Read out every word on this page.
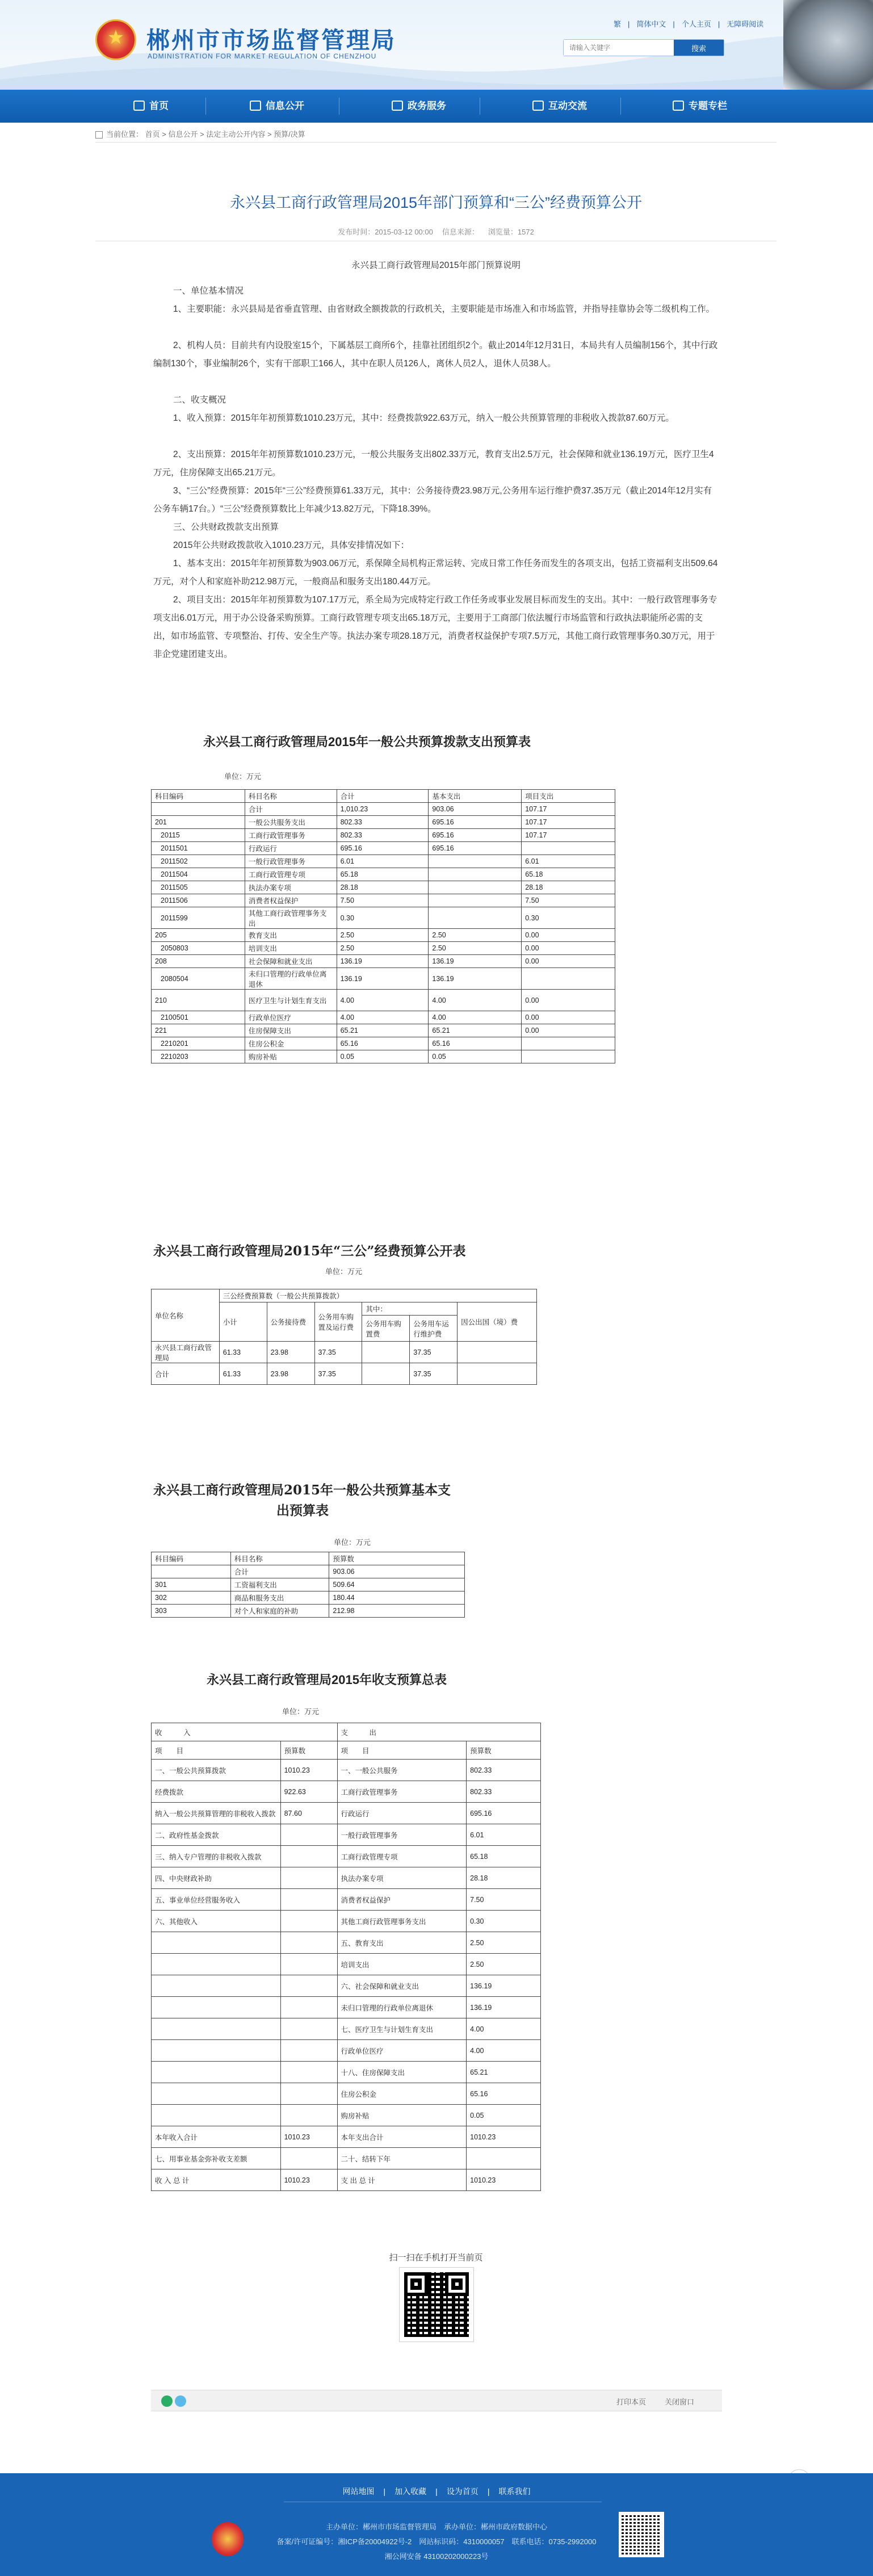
★
郴州市市场监督管理局
ADMINISTRATION FOR MARKET REGULATION OF CHENZHOU
繁 | 简体中文 | 个人主页 | 无障碍阅读
请输入关键字
搜索
首页	信息公开	政务服务	互动交流	专题专栏
当前位置： 首页 > 信息公开 > 法定主动公开内容 > 预算/决算
永兴县工商行政管理局2015年部门预算和“三公”经费预算公开
发布时间：2015-03-12 00:00 信息来源： 浏览量：1572
永兴县工商行政管理局2015年部门预算说明
一、单位基本情况
1、主要职能：永兴县局是省垂直管理、由省财政全额拨款的行政机关，主要职能是市场准入和市场监管，并指导挂靠协会等二级机构工作。
2、机构人员：目前共有内设股室15个，下属基层工商所6个，挂靠社团组织2个。截止2014年12月31日，本局共有人员编制156个，其中行政编制130个，事业编制26个，实有干部职工166人，其中在职人员126人，离休人员2人，退休人员38人。
二、收支概况
1、收入预算：2015年年初预算数1010.23万元，其中：经费拨款922.63万元，纳入一般公共预算管理的非税收入拨款87.60万元。
2、支出预算：2015年年初预算数1010.23万元，一般公共服务支出802.33万元，教育支出2.5万元，社会保障和就业136.19万元，医疗卫生4万元，住房保障支出65.21万元。
3、“三公”经费预算：2015年“三公”经费预算61.33万元，其中：公务接待费23.98万元,公务用车运行维护费37.35万元（截止2014年12月实有公务车辆17台。）“三公”经费预算数比上年减少13.82万元，下降18.39%。
三、公共财政拨款支出预算
2015年公共财政拨款收入1010.23万元，具体安排情况如下：
1、基本支出：2015年年初预算数为903.06万元，系保障全局机构正常运转、完成日常工作任务而发生的各项支出，包括工资福利支出509.64万元，对个人和家庭补助212.98万元，一般商品和服务支出180.44万元。
2、项目支出：2015年年初预算数为107.17万元，系全局为完成特定行政工作任务或事业发展目标而发生的支出。其中：一般行政管理事务专项支出6.01万元，用于办公设备采购预算。工商行政管理专项支出65.18万元，主要用于工商部门依法履行市场监管和行政执法职能所必需的支出，如市场监管、专项整治、打传、安全生产等。执法办案专项28.18万元，消费者权益保护专项7.5万元，其他工商行政管理事务0.30万元，用于非企党建团建支出。
永兴县工商行政管理局2015年一般公共预算拨款支出预算表
单位：万元
科目编码	科目名称	合计	基本支出	项目支出
	合计	1,010.23	903.06	107.17
201	一般公共服务支出	802.33	695.16	107.17
20115	工商行政管理事务	802.33	695.16	107.17
2011501	行政运行	695.16	695.16	
2011502	一般行政管理事务	6.01		6.01
2011504	工商行政管理专项	65.18		65.18
2011505	执法办案专项	28.18		28.18
2011506	消费者权益保护	7.50		7.50
2011599	其他工商行政管理事务支出	0.30		0.30
205	教育支出	2.50	2.50	0.00
2050803	培训支出	2.50	2.50	0.00
208	社会保障和就业支出	136.19	136.19	0.00
2080504	未归口管理的行政单位离退休	136.19	136.19	
210	医疗卫生与计划生育支出	4.00	4.00	0.00
2100501	行政单位医疗	4.00	4.00	0.00
221	住房保障支出	65.21	65.21	0.00
2210201	住房公积金	65.16	65.16	
2210203	购房补贴	0.05	0.05	
永兴县工商行政管理局2015年“三公”经费预算公开表
单位：万元
单位名称	三公经费预算数（一般公共预算拨款）					
	小计	公务接待费	公务用车购置及运行费	其中：		因公出国（境）费
				公务用车购置费	公务用车运行维护费	
永兴县工商行政管理局	61.33	23.98	37.35		37.35	
合计	61.33	23.98	37.35		37.35	
永兴县工商行政管理局2015年一般公共预算基本支
出预算表
单位：万元
科目编码	科目名称	预算数
	合计	903.06
301	工资福利支出	509.64
302	商品和服务支出	180.44
303	对个人和家庭的补助	212.98
永兴县工商行政管理局2015年收支预算总表
单位：万元
收　　　入		支　　　出	
项　　目	预算数	项　　目	预算数
一、一般公共预算拨款	1010.23	一、一般公共服务	802.33
经费拨款	922.63	工商行政管理事务	802.33
纳入一般公共预算管理的非税收入拨款	87.60	行政运行	695.16
二、政府性基金拨款		一般行政管理事务	6.01
三、纳入专户管理的非税收入拨款		工商行政管理专项	65.18
四、中央财政补助		执法办案专项	28.18
五、事业单位经营服务收入		消费者权益保护	7.50
六、其他收入		其他工商行政管理事务支出	0.30
		五、教育支出	2.50
		培训支出	2.50
		六、社会保障和就业支出	136.19
		未归口管理的行政单位离退休	136.19
		七、医疗卫生与计划生育支出	4.00
		行政单位医疗	4.00
		十八、住房保障支出	65.21
		住房公积金	65.16
		购房补贴	0.05
本年收入合计	1010.23	本年支出合计	1010.23
七、用事业基金弥补收支差额		二十、结转下年	
收 入 总 计	1010.23	支 出 总 计	1010.23
扫一扫在手机打开当前页
打印本页	关闭窗口
网站地图 | 加入收藏 | 设为首页 | 联系我们
主办单位：郴州市市场监督管理局　承办单位：郴州市政府数据中心
备案/许可证编号：湘ICP备20004922号-2　网站标识码：4310000057　联系电话：0735-2992000
湘公网安备 43100202000223号
